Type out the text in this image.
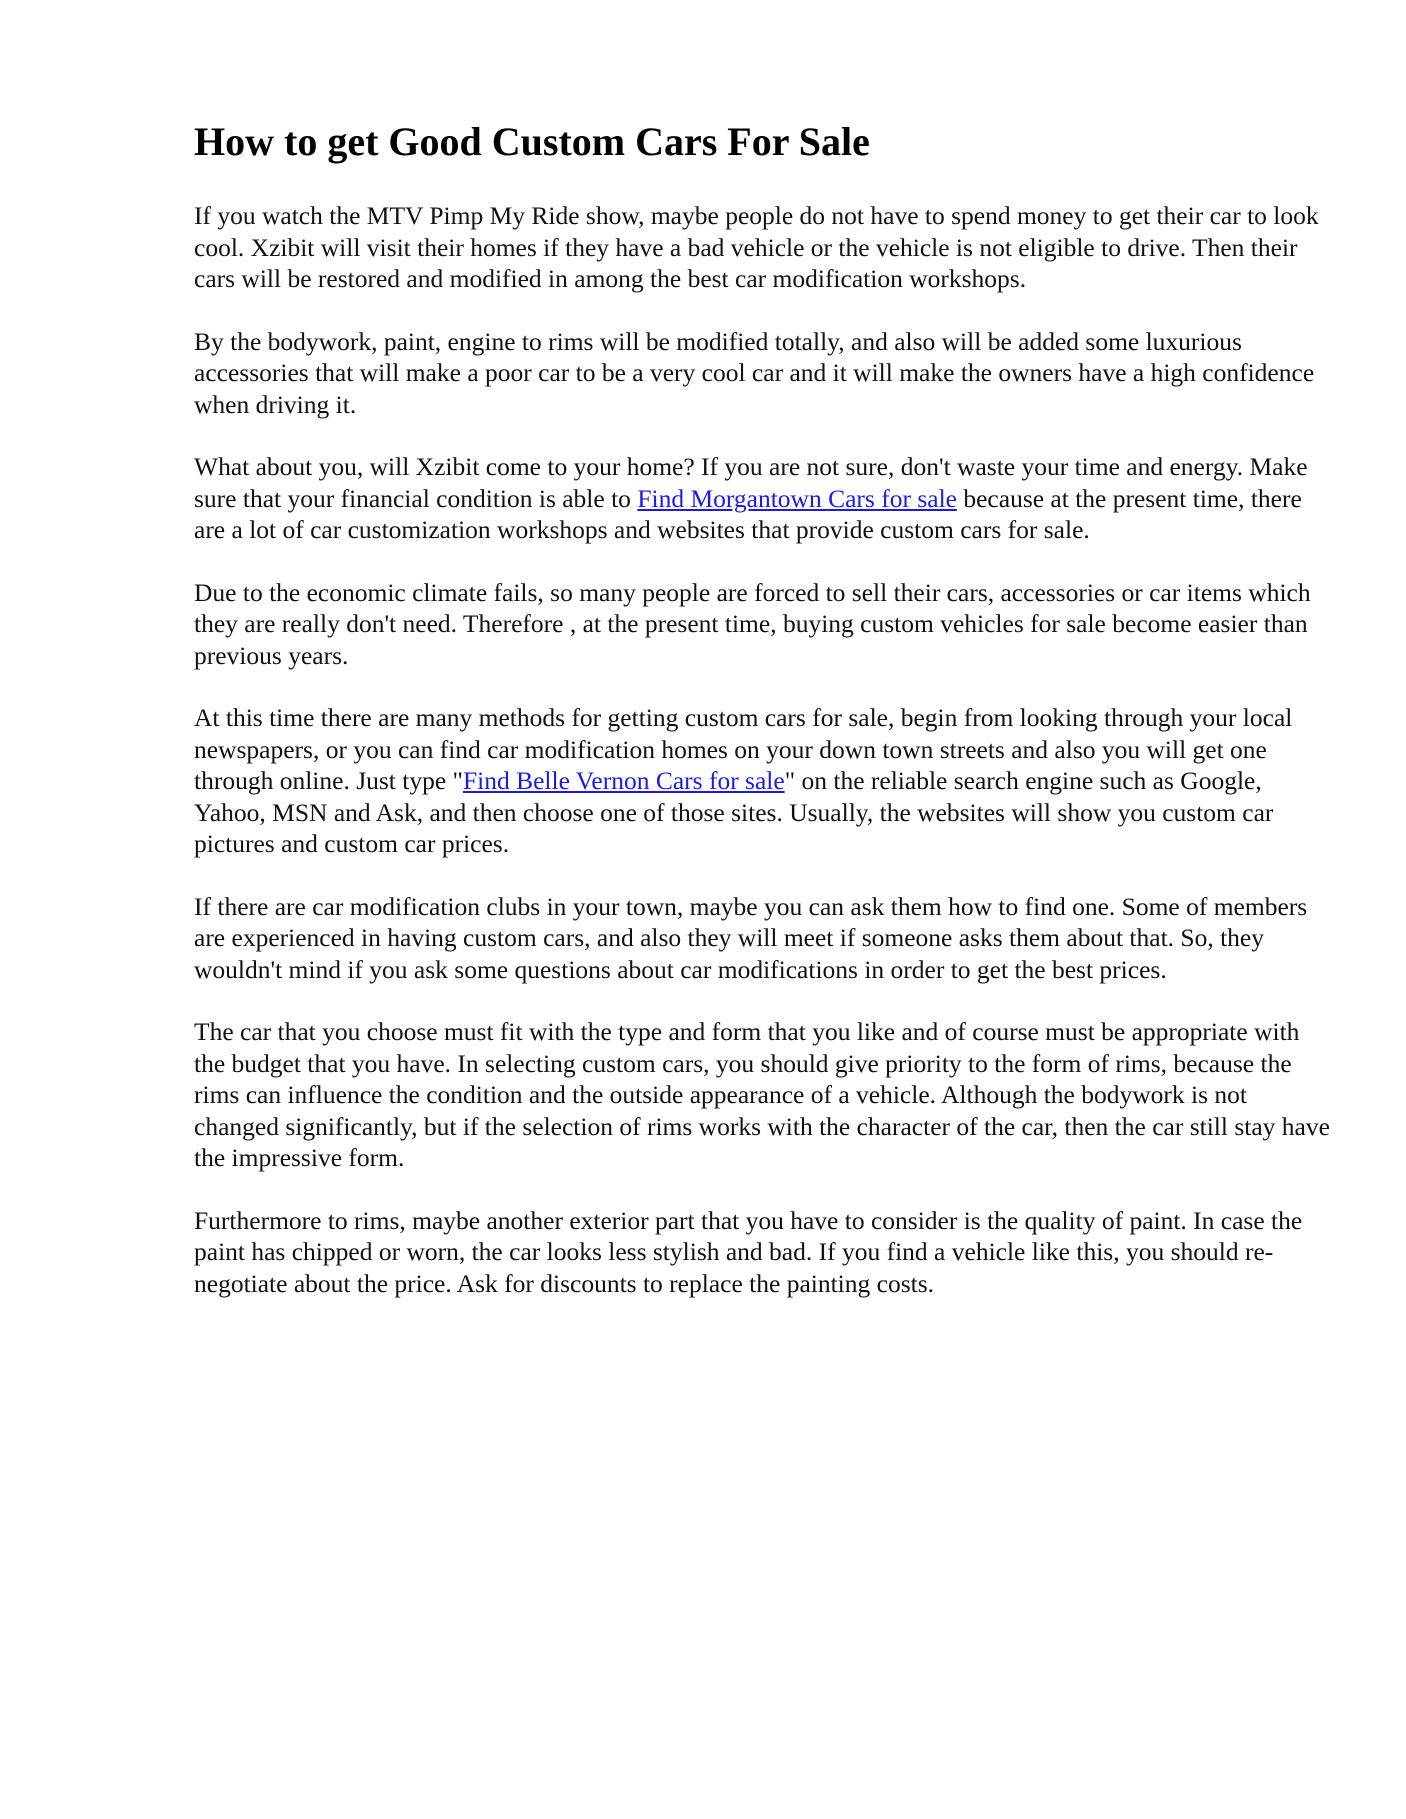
How to get Good Custom Cars For Sale

If you watch the MTV Pimp My Ride show, maybe people do not have to spend money to get their car to look cool. Xzibit will visit their homes if they have a bad vehicle or the vehicle is not eligible to drive. Then their cars will be restored and modified in among the best car modification workshops.

By the bodywork, paint, engine to rims will be modified totally, and also will be added some luxurious accessories that will make a poor car to be a very cool car and it will make the owners have a high confidence when driving it.

What about you, will Xzibit come to your home? If you are not sure, don't waste your time and energy. Make sure that your financial condition is able to Find Morgantown Cars for sale because at the present time, there are a lot of car customization workshops and websites that provide custom cars for sale.

Due to the economic climate fails, so many people are forced to sell their cars, accessories or car items which they are really don't need. Therefore , at the present time, buying custom vehicles for sale become easier than previous years.

At this time there are many methods for getting custom cars for sale, begin from looking through your local newspapers, or you can find car modification homes on your down town streets and also you will get one through online. Just type "Find Belle Vernon Cars for sale" on the reliable search engine such as Google, Yahoo, MSN and Ask, and then choose one of those sites. Usually, the websites will show you custom car pictures and custom car prices.

If there are car modification clubs in your town, maybe you can ask them how to find one. Some of members are experienced in having custom cars, and also they will meet if someone asks them about that. So, they wouldn't mind if you ask some questions about car modifications in order to get the best prices.

The car that you choose must fit with the type and form that you like and of course must be appropriate with the budget that you have. In selecting custom cars, you should give priority to the form of rims, because the rims can influence the condition and the outside appearance of a vehicle. Although the bodywork is not changed significantly, but if the selection of rims works with the character of the car, then the car still stay have the impressive form.

Furthermore to rims, maybe another exterior part that you have to consider is the quality of paint. In case the paint has chipped or worn, the car looks less stylish and bad. If you find a vehicle like this, you should re-negotiate about the price. Ask for discounts to replace the painting costs.
